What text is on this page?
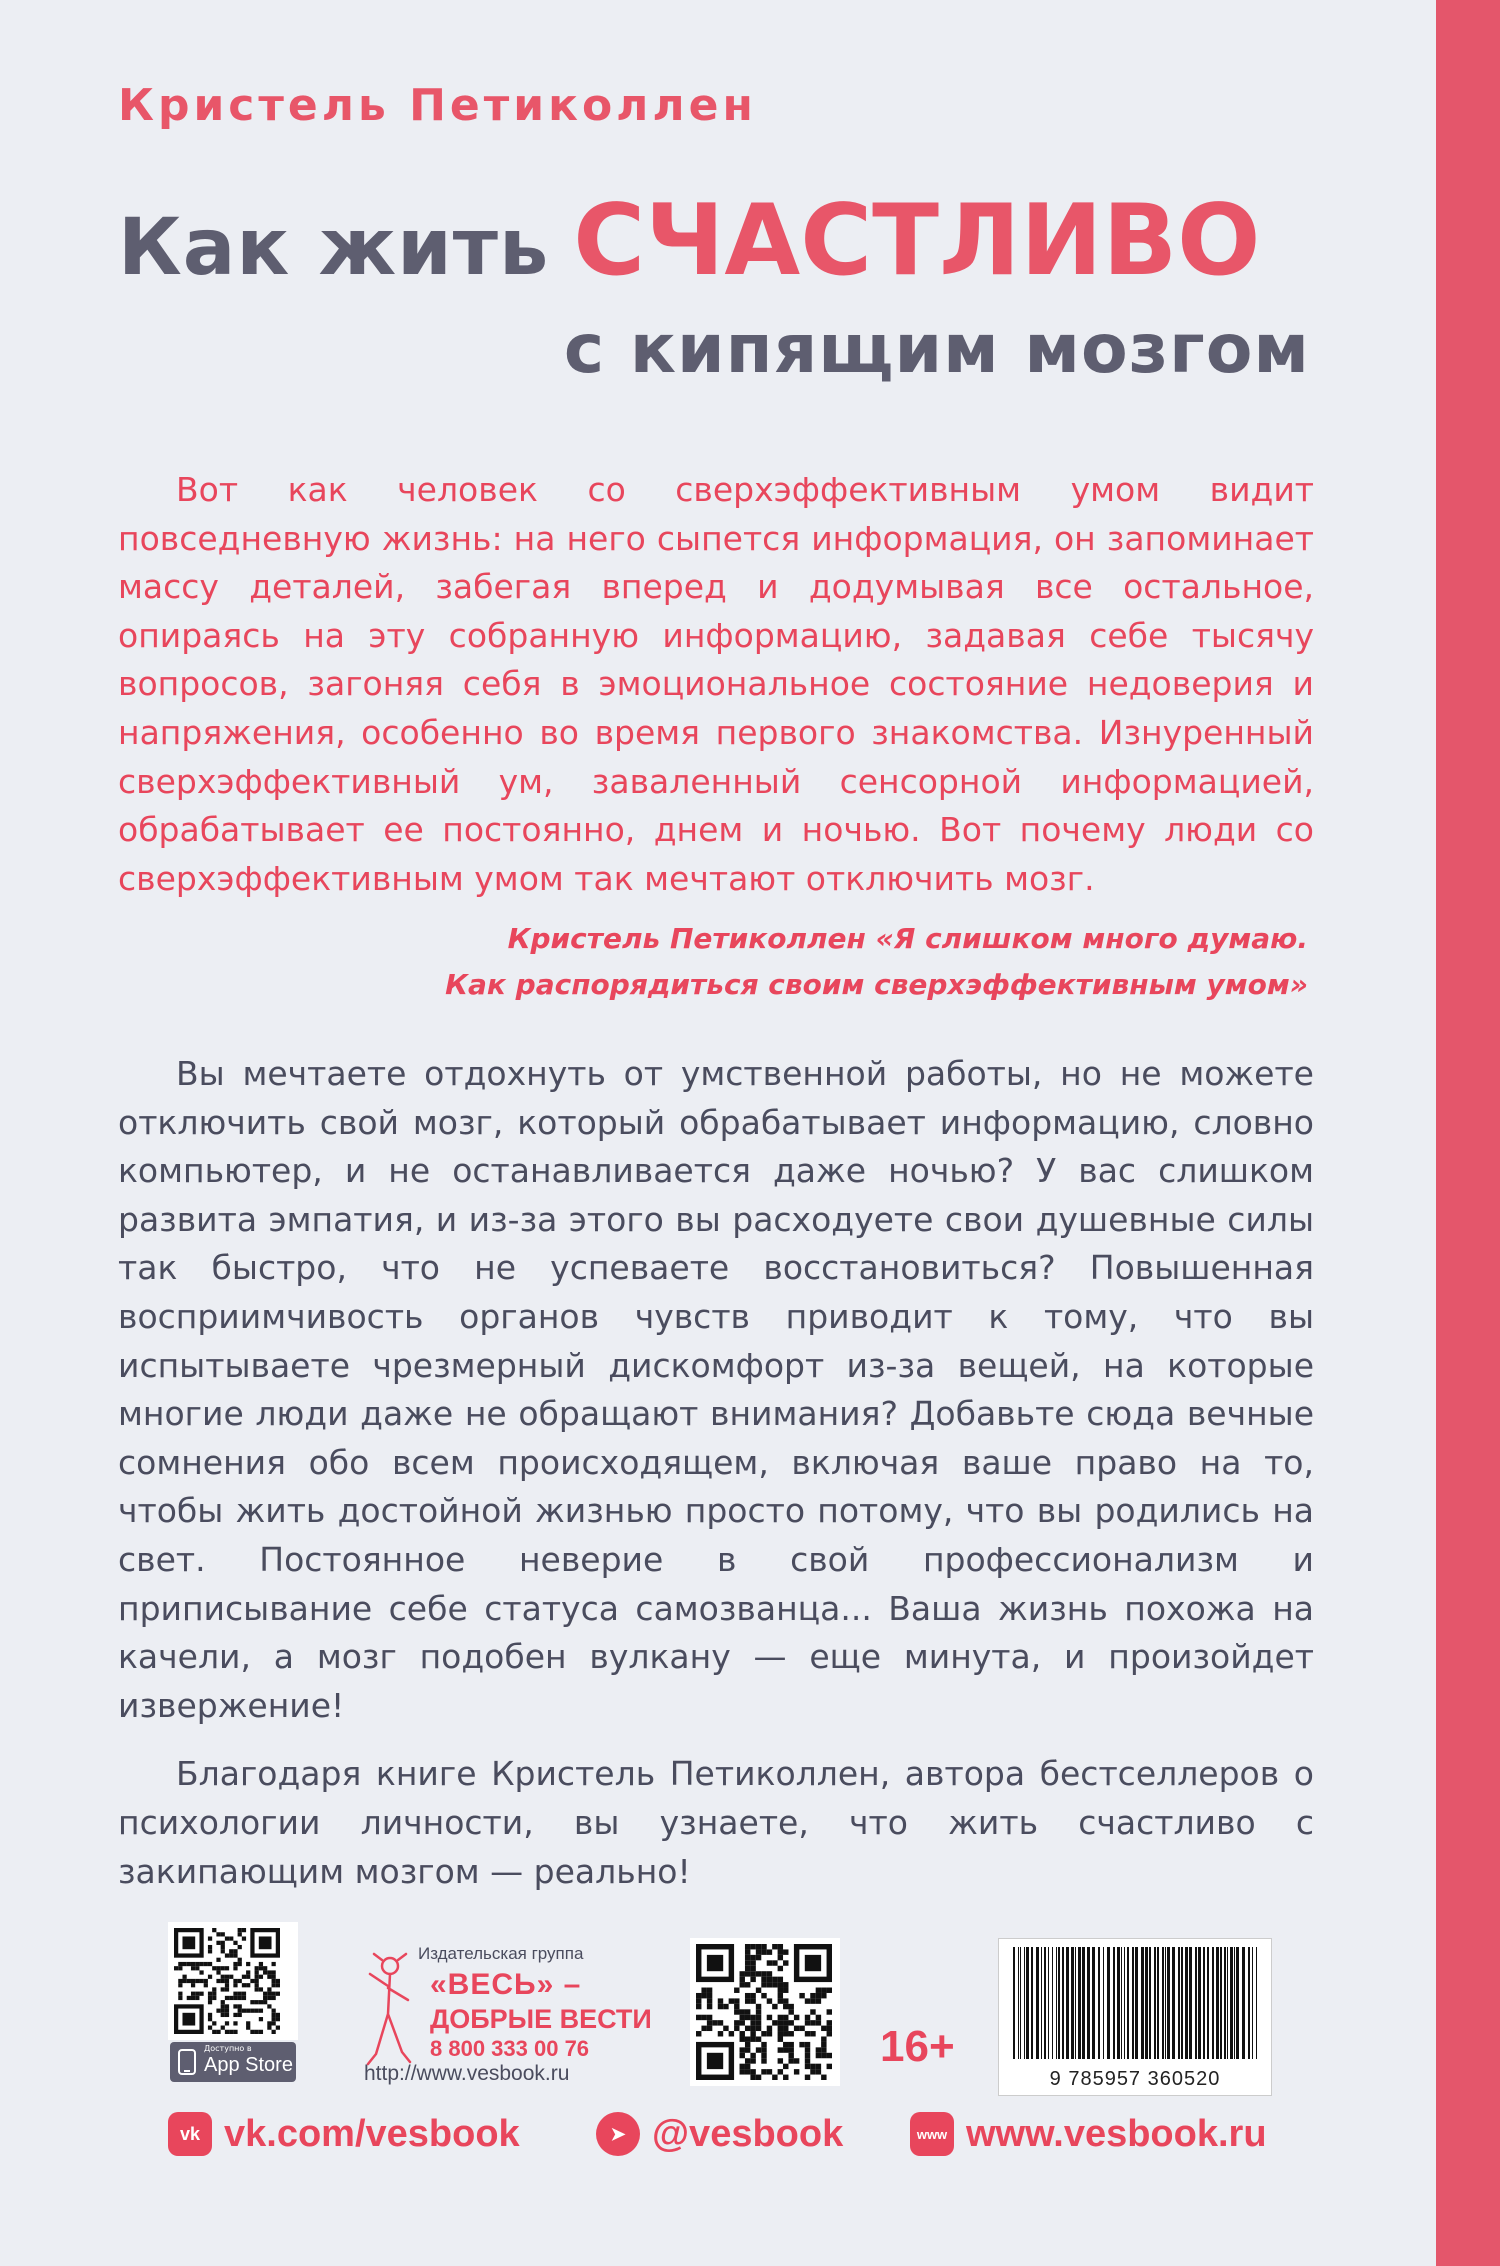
Кристель Петиколлен
Как жить СЧАСТЛИВО
с кипящим мозгом

Вот как человек со сверхэффективным умом видит повседневную жизнь: на него сыпется информация, он запоминает массу деталей, забегая вперед и додумывая все остальное, опираясь на эту собранную информацию, задавая себе тысячу вопросов, загоняя себя в эмоциональное состояние недоверия и напряжения, особенно во время первого знакомства. Изнуренный сверхэффективный ум, заваленный сенсорной информацией, обрабатывает ее постоянно, днем и ночью. Вот почему люди со сверхэффективным умом так мечтают отключить мозг.

Кристель Петиколлен «Я слишком много думаю.
Как распорядиться своим сверхэффективным умом»

Вы мечтаете отдохнуть от умственной работы, но не можете отключить свой мозг, который обрабатывает информацию, словно компьютер, и не останавливается даже ночью? У вас слишком развита эмпатия, и из-за этого вы расходуете свои душевные силы так быстро, что не успеваете восстановиться? Повышенная восприимчивость органов чувств приводит к тому, что вы испытываете чрезмерный дискомфорт из-за вещей, на которые многие люди даже не обращают внимания? Добавьте сюда вечные сомнения обо всем происходящем, включая ваше право на то, чтобы жить достойной жизнью просто потому, что вы родились на свет. Постоянное неверие в свой профессионализм и приписывание себе статуса самозванца... Ваша жизнь похожа на качели, а мозг подобен вулкану — еще минута, и произойдет извержение!

Благодаря книге Кристель Петиколлен, автора бестселлеров о психологии личности, вы узнаете, что жить счастливо с закипающим мозгом — реально!

Доступно в
App Store
Издательская группа
«ВЕСЬ» –
ДОБРЫЕ ВЕСТИ
8 800 333 00 76
http://www.vesbook.ru
16+
9 785957 360520
vk vk.com/vesbook	➤ @vesbook	www www.vesbook.ru
